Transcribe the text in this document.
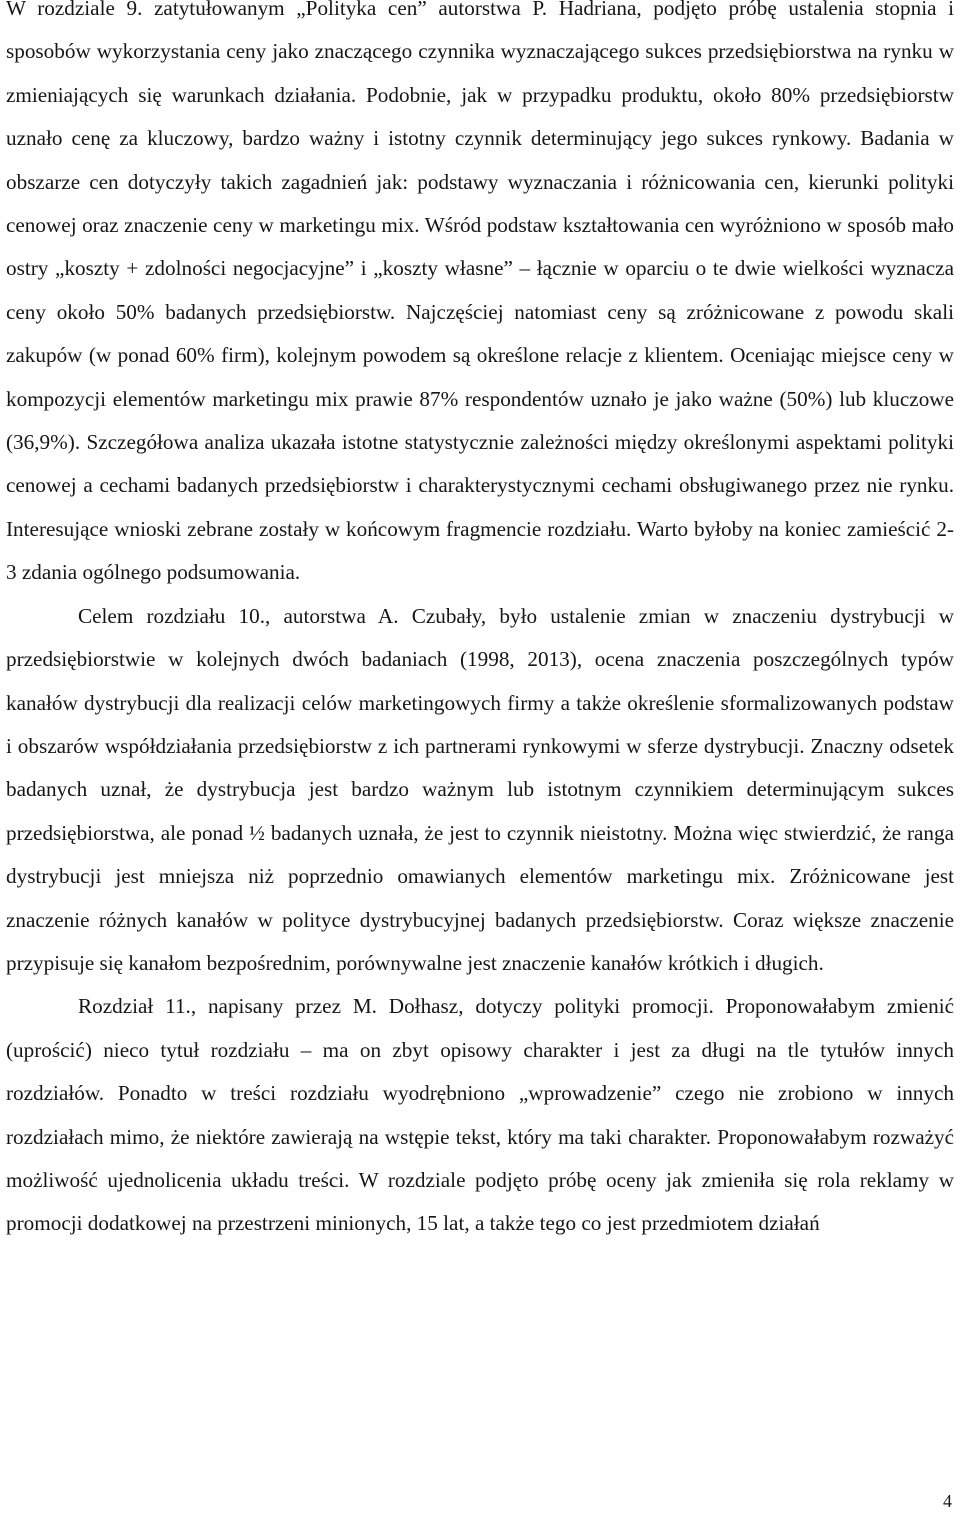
W rozdziale 9. zatytułowanym „Polityka cen” autorstwa P. Hadriana, podjęto próbę ustalenia stopnia i sposobów wykorzystania ceny jako znaczącego czynnika wyznaczającego sukces przedsiębiorstwa na rynku w zmieniających się warunkach działania. Podobnie, jak w przypadku produktu, około 80% przedsiębiorstw uznało cenę za kluczowy, bardzo ważny i istotny czynnik determinujący jego sukces rynkowy. Badania w obszarze cen dotyczyły takich zagadnień jak: podstawy wyznaczania i różnicowania cen, kierunki polityki cenowej oraz znaczenie ceny w marketingu mix. Wśród podstaw kształtowania cen wyróżniono w sposób mało ostry „koszty + zdolności negocjacyjne” i „koszty własne” – łącznie w oparciu o te dwie wielkości wyznacza ceny około 50% badanych przedsiębiorstw. Najczęściej natomiast ceny są zróżnicowane z powodu skali zakupów (w ponad 60% firm), kolejnym powodem są określone relacje z klientem. Oceniając miejsce ceny w kompozycji elementów marketingu mix prawie 87% respondentów uznało je jako ważne (50%) lub kluczowe (36,9%). Szczegółowa analiza ukazała istotne statystycznie zależności między określonymi aspektami polityki cenowej a cechami badanych przedsiębiorstw i charakterystycznymi cechami obsługiwanego przez nie rynku. Interesujące wnioski zebrane zostały w końcowym fragmencie rozdziału. Warto byłoby na koniec zamieścić 2-3 zdania ogólnego podsumowania.

Celem rozdziału 10., autorstwa A. Czubały, było ustalenie zmian w znaczeniu dystrybucji w przedsiębiorstwie w kolejnych dwóch badaniach (1998, 2013), ocena znaczenia poszczególnych typów kanałów dystrybucji dla realizacji celów marketingowych firmy a także określenie sformalizowanych podstaw i obszarów współdziałania przedsiębiorstw z ich partnerami rynkowymi w sferze dystrybucji. Znaczny odsetek badanych uznał, że dystrybucja jest bardzo ważnym lub istotnym czynnikiem determinującym sukces przedsiębiorstwa, ale ponad ½ badanych uznała, że jest to czynnik nieistotny. Można więc stwierdzić, że ranga dystrybucji jest mniejsza niż poprzednio omawianych elementów marketingu mix. Zróżnicowane jest znaczenie różnych kanałów w polityce dystrybucyjnej badanych przedsiębiorstw. Coraz większe znaczenie przypisuje się kanałom bezpośrednim, porównywalne jest znaczenie kanałów krótkich i długich.

Rozdział 11., napisany przez M. Dołhasz, dotyczy polityki promocji. Proponowałabym zmienić (uprościć) nieco tytuł rozdziału – ma on zbyt opisowy charakter i jest za długi na tle tytułów innych rozdziałów. Ponadto w treści rozdziału wyodrębniono „wprowadzenie” czego nie zrobiono w innych rozdziałach mimo, że niektóre zawierają na wstępie tekst, który ma taki charakter. Proponowałabym rozważyć możliwość ujednolicenia układu treści. W rozdziale podjęto próbę oceny jak zmieniła się rola reklamy w promocji dodatkowej na przestrzeni minionych, 15 lat, a także tego co jest przedmiotem działań

4
